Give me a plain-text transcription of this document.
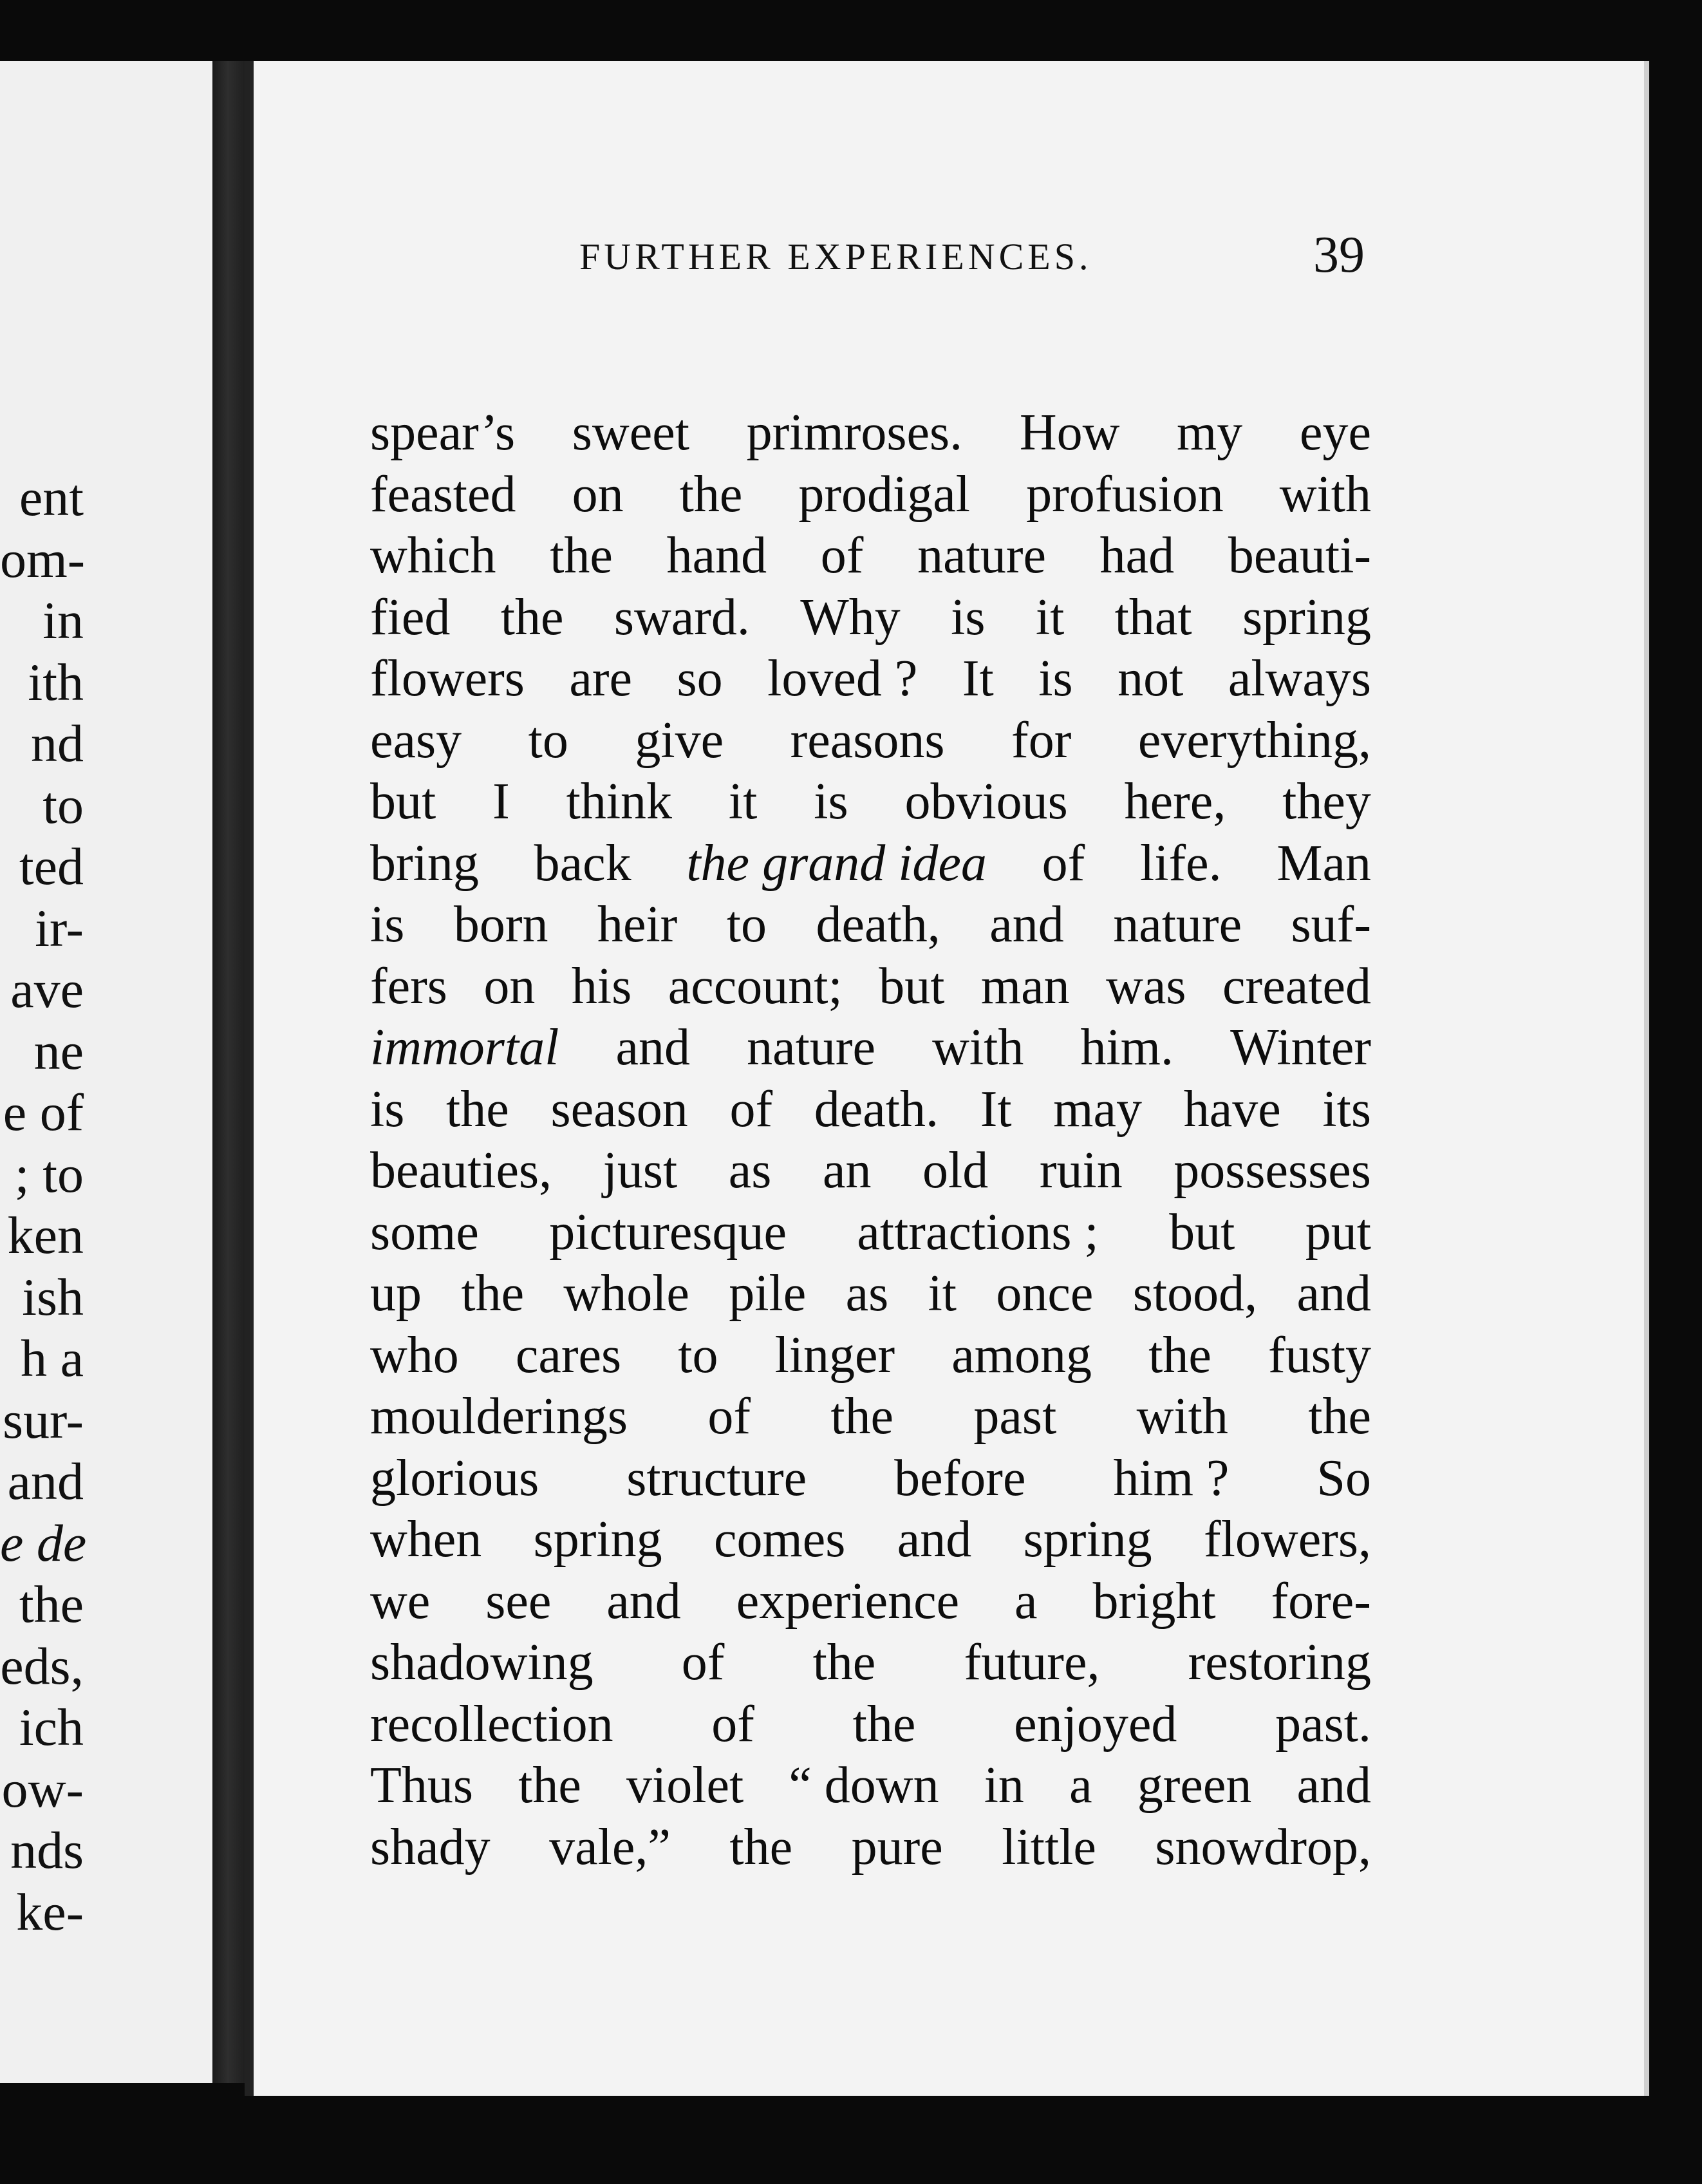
ent
om-
in
ith
nd
to
ted
ir-
ave
ne
e of
; to
ken
ish
h a
sur-
and
e de
the
eds,
ich
ow-
nds
ke-
FURTHER EXPERIENCES.	39
spear’s sweet primroses. How my eye
feasted on the prodigal profusion with
which the hand of nature had beauti-
fied the sward. Why is it that spring
flowers are so loved ? It is not always
easy to give reasons for everything,
but I think it is obvious here, they
bring back the grand idea of life. Man
is born heir to death, and nature suf-
fers on his account; but man was created
immortal and nature with him. Winter
is the season of death. It may have its
beauties, just as an old ruin possesses
some picturesque attractions ; but put
up the whole pile as it once stood, and
who cares to linger among the fusty
moulderings of the past with the
glorious structure before him ? So
when spring comes and spring flowers,
we see and experience a bright fore-
shadowing of the future, restoring
recollection of the enjoyed past.
Thus the violet “ down in a green and
shady vale,” the pure little snowdrop,
